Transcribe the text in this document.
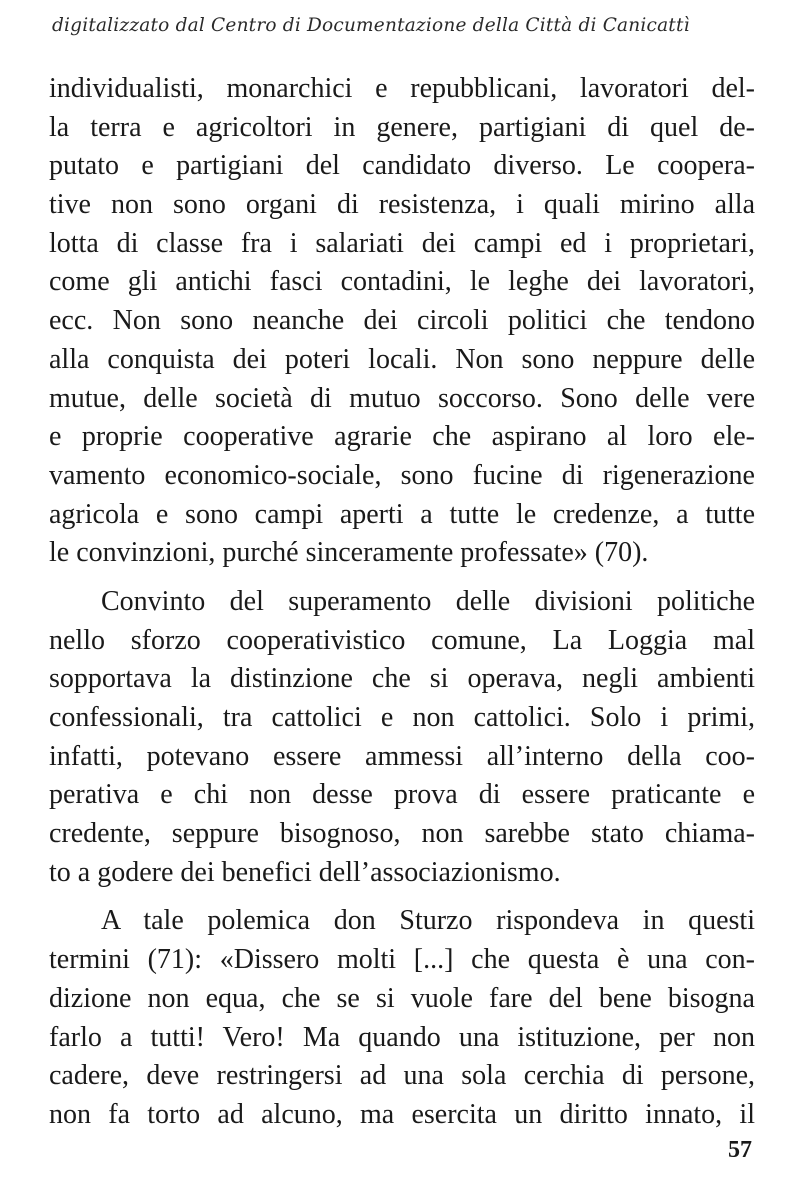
digitalizzato dal Centro di Documentazione della Città di Canicattì
individualisti, monarchici e repubblicani, lavoratori del-
la terra e agricoltori in genere, partigiani di quel de-
putato e partigiani del candidato diverso. Le coopera-
tive non sono organi di resistenza, i quali mirino alla
lotta di classe fra i salariati dei campi ed i proprietari,
come gli antichi fasci contadini, le leghe dei lavoratori,
ecc. Non sono neanche dei circoli politici che tendono
alla conquista dei poteri locali. Non sono neppure delle
mutue, delle società di mutuo soccorso. Sono delle vere
e proprie cooperative agrarie che aspirano al loro ele-
vamento economico-sociale, sono fucine di rigenerazione
agricola e sono campi aperti a tutte le credenze, a tutte
le convinzioni, purché sinceramente professate» (70).
Convinto del superamento delle divisioni politiche
nello sforzo cooperativistico comune, La Loggia mal
sopportava la distinzione che si operava, negli ambienti
confessionali, tra cattolici e non cattolici. Solo i primi,
infatti, potevano essere ammessi all’interno della coo-
perativa e chi non desse prova di essere praticante e
credente, seppure bisognoso, non sarebbe stato chiama-
to a godere dei benefici dell’associazionismo.
A tale polemica don Sturzo rispondeva in questi
termini (71): «Dissero molti [...] che questa è una con-
dizione non equa, che se si vuole fare del bene bisogna
farlo a tutti! Vero! Ma quando una istituzione, per non
cadere, deve restringersi ad una sola cerchia di persone,
non fa torto ad alcuno, ma esercita un diritto innato, il
57
